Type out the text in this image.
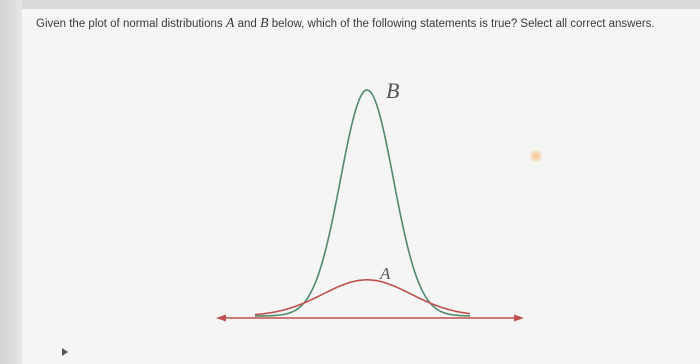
Given the plot of normal distributions A and B below, which of the following statements is true? Select all correct answers.
B
A
